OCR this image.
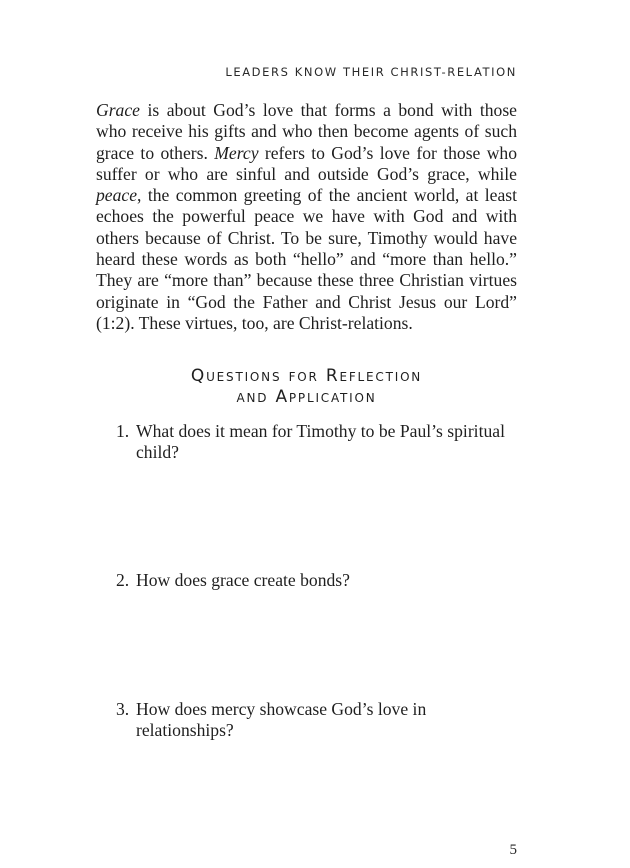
LEADERS KNOW THEIR CHRIST-RELATION

Grace is about God’s love that forms a bond with those who receive his gifts and who then become agents of such grace to others. Mercy refers to God’s love for those who suffer or who are sinful and outside God’s grace, while peace, the common greeting of the ancient world, at least echoes the powerful peace we have with God and with others because of Christ. To be sure, Timothy would have heard these words as both “hello” and “more than hello.” They are “more than” because these three Christian virtues originate in “God the Father and Christ Jesus our Lord” (1:2). These virtues, too, are Christ-relations.

Questions for Reflection
and Application
1. What does it mean for Timothy to be Paul’s spiritual child?
2. How does grace create bonds?
3. How does mercy showcase God’s love in relationships?
5
